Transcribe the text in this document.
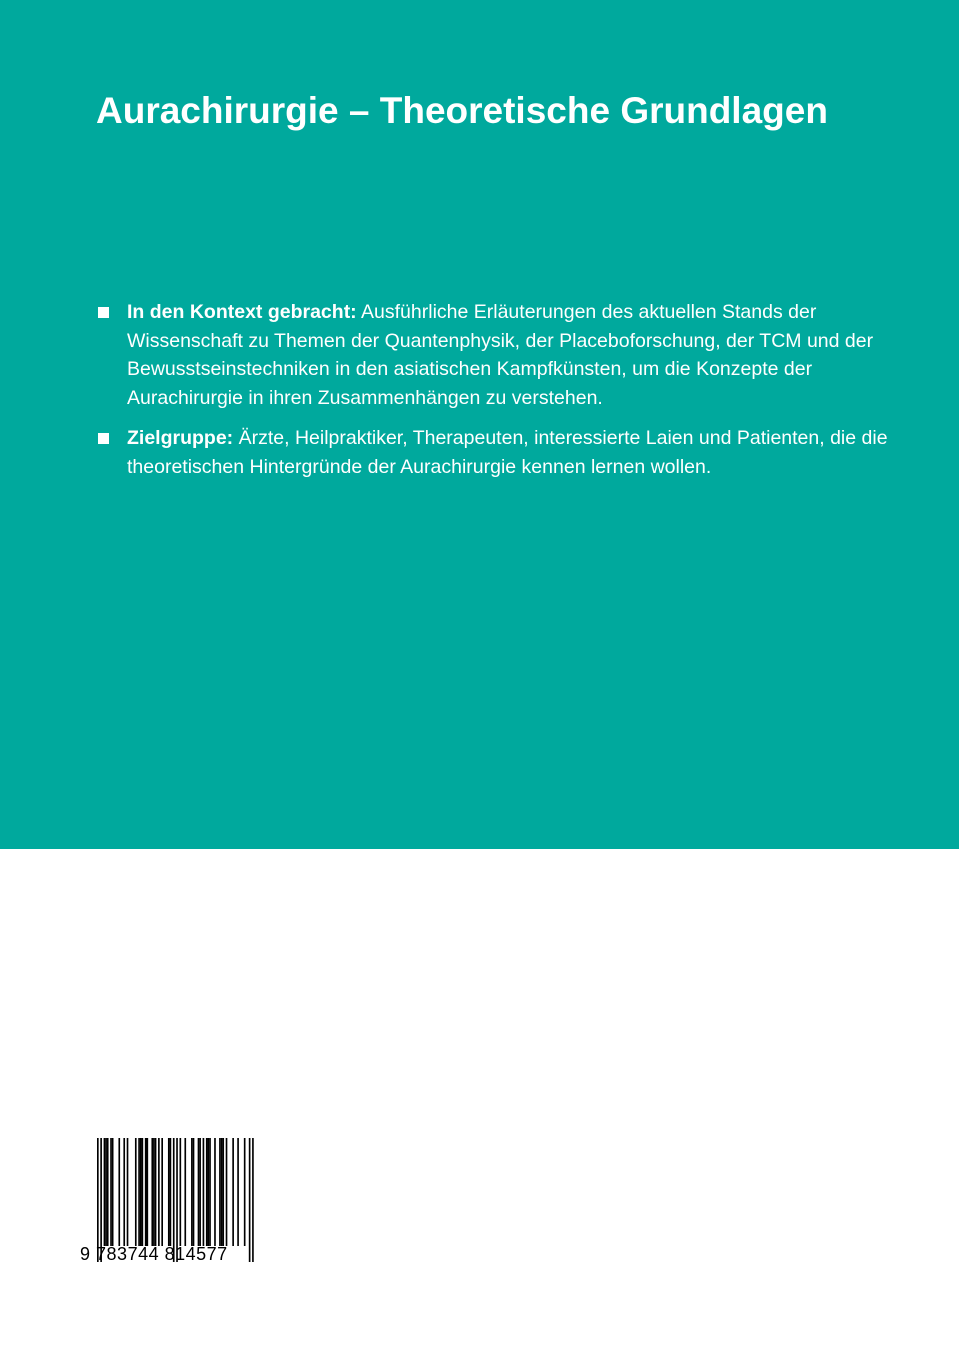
Aurachirurgie – Theoretische Grundlagen
In den Kontext gebracht: Ausführliche Erläuterungen des aktuellen Stands der Wissenschaft zu Themen der Quantenphysik, der Placeboforschung, der TCM und der Bewusstseinstechniken in den asiatischen Kampfkünsten, um die Konzepte der Aurachirurgie in ihren Zusammenhängen zu verstehen.
Zielgruppe: Ärzte, Heilpraktiker, Therapeuten, interessierte Laien und Patienten, die die theoretischen Hintergründe der Aurachirurgie kennen lernen wollen.
9 783744 814577
